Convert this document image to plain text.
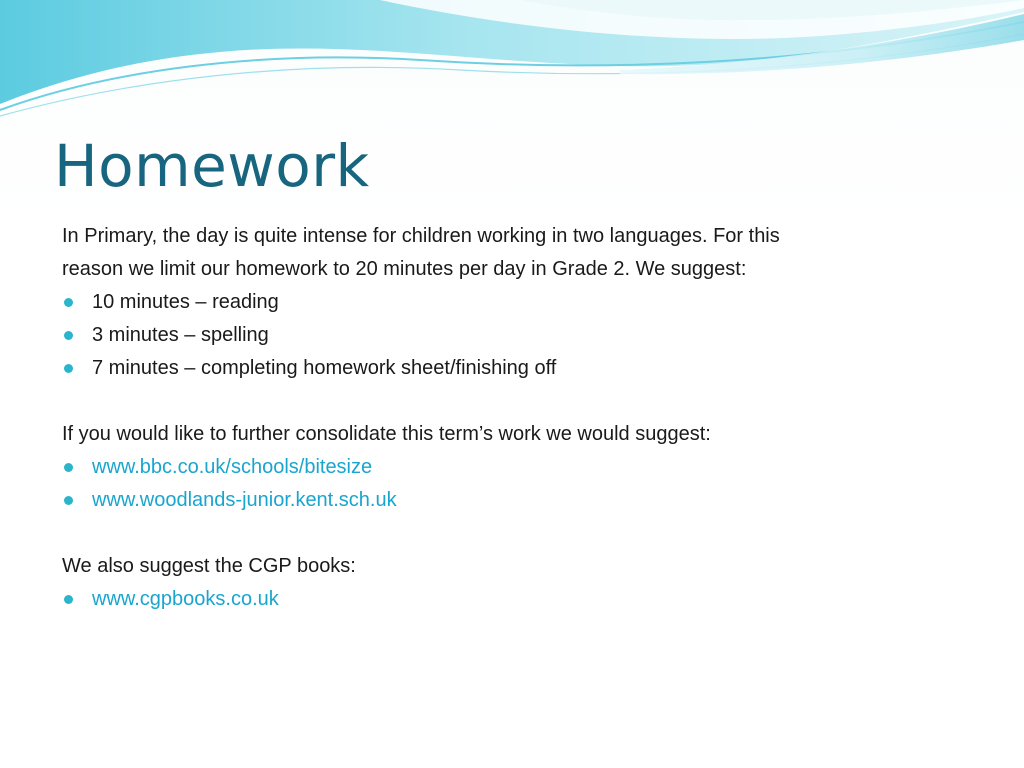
Homework

In Primary, the day is quite intense for children working in two languages. For this

reason we limit our homework to 20 minutes per day in Grade 2. We suggest:

10 minutes – reading
3 minutes – spelling
7 minutes – completing homework sheet/finishing off

If you would like to further consolidate this term’s work we would suggest:

www.bbc.co.uk/schools/bitesize
www.woodlands-junior.kent.sch.uk

We also suggest the CGP books:

www.cgpbooks.co.uk
